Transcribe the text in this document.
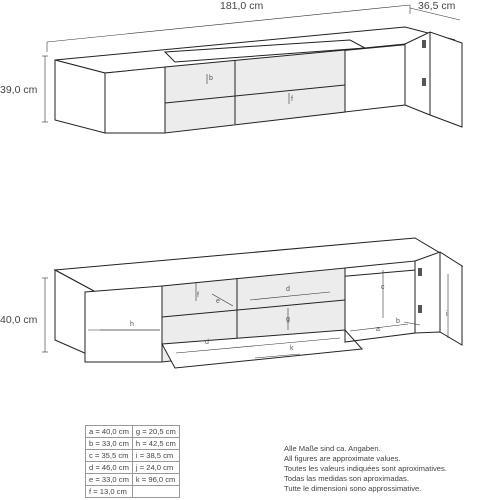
181,0 cm	36,5 cm
39,0 cm
b
f
40,0 cm
a
b
c
d
d
e
f
g
h
i
k
a = 40,0 cm	g = 20,5 cm
b = 33,0 cm	h = 42,5 cm
c = 35,5 cm	i = 38,5 cm
d = 46,0 cm	j = 24,0 cm
e = 33,0 cm	k = 96,0 cm
f = 13,0 cm	
Alle Maße sind ca. Angaben.
All figures are approximate values.
Toutes les valeurs indiquées sont aproximatives.
Todas las medidas son aproximadas.
Tutte le dimensioni sono approssimative.
